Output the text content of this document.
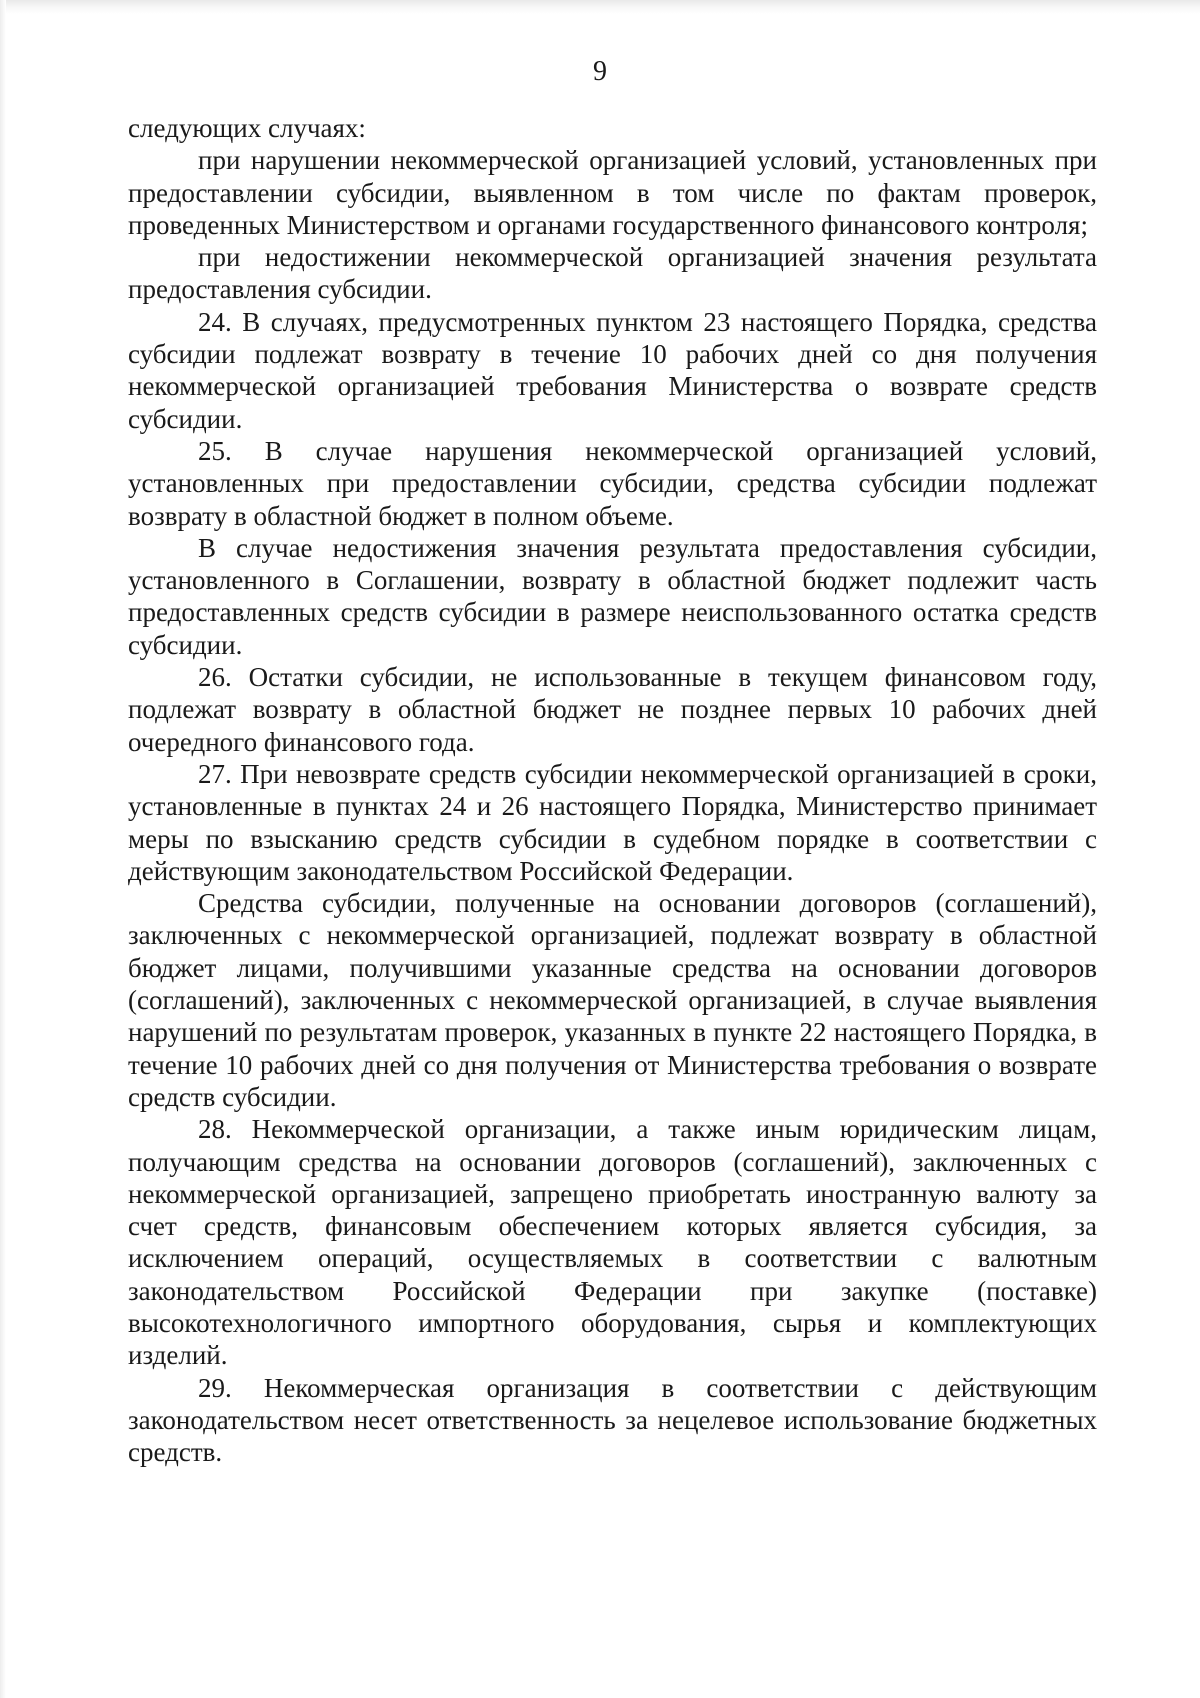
9

следующих случаях:

при нарушении некоммерческой организацией условий, установленных при предоставлении субсидии, выявленном в том числе по фактам проверок, проведенных Министерством и органами государственного финансового контроля;

при недостижении некоммерческой организацией значения результата предоставления субсидии.

24. В случаях, предусмотренных пунктом 23 настоящего Порядка, средства субсидии подлежат возврату в течение 10 рабочих дней со дня получения некоммерческой организацией требования Министерства о возврате средств субсидии.

25. В случае нарушения некоммерческой организацией условий, установленных при предоставлении субсидии, средства субсидии подлежат возврату в областной бюджет в полном объеме.

В случае недостижения значения результата предоставления субсидии, установленного в Соглашении, возврату в областной бюджет подлежит часть предоставленных средств субсидии в размере неиспользованного остатка средств субсидии.

26. Остатки субсидии, не использованные в текущем финансовом году, подлежат возврату в областной бюджет не позднее первых 10 рабочих дней очередного финансового года.

27. При невозврате средств субсидии некоммерческой организацией в сроки, установленные в пунктах 24 и 26 настоящего Порядка, Министерство принимает меры по взысканию средств субсидии в судебном порядке в соответствии с действующим законодательством Российской Федерации.

Средства субсидии, полученные на основании договоров (соглашений), заключенных с некоммерческой организацией, подлежат возврату в областной бюджет лицами, получившими указанные средства на основании договоров (соглашений), заключенных с некоммерческой организацией, в случае выявления нарушений по результатам проверок, указанных в пункте 22 настоящего Порядка, в течение 10 рабочих дней со дня получения от Министерства требования о возврате средств субсидии.

28. Некоммерческой организации, а также иным юридическим лицам, получающим средства на основании договоров (соглашений), заключенных с некоммерческой организацией, запрещено приобретать иностранную валюту за счет средств, финансовым обеспечением которых является субсидия, за исключением операций, осуществляемых в соответствии с валютным законодательством Российской Федерации при закупке (поставке) высокотехнологичного импортного оборудования, сырья и комплектующих изделий.

29. Некоммерческая организация в соответствии с действующим законодательством несет ответственность за нецелевое использование бюджетных средств.
